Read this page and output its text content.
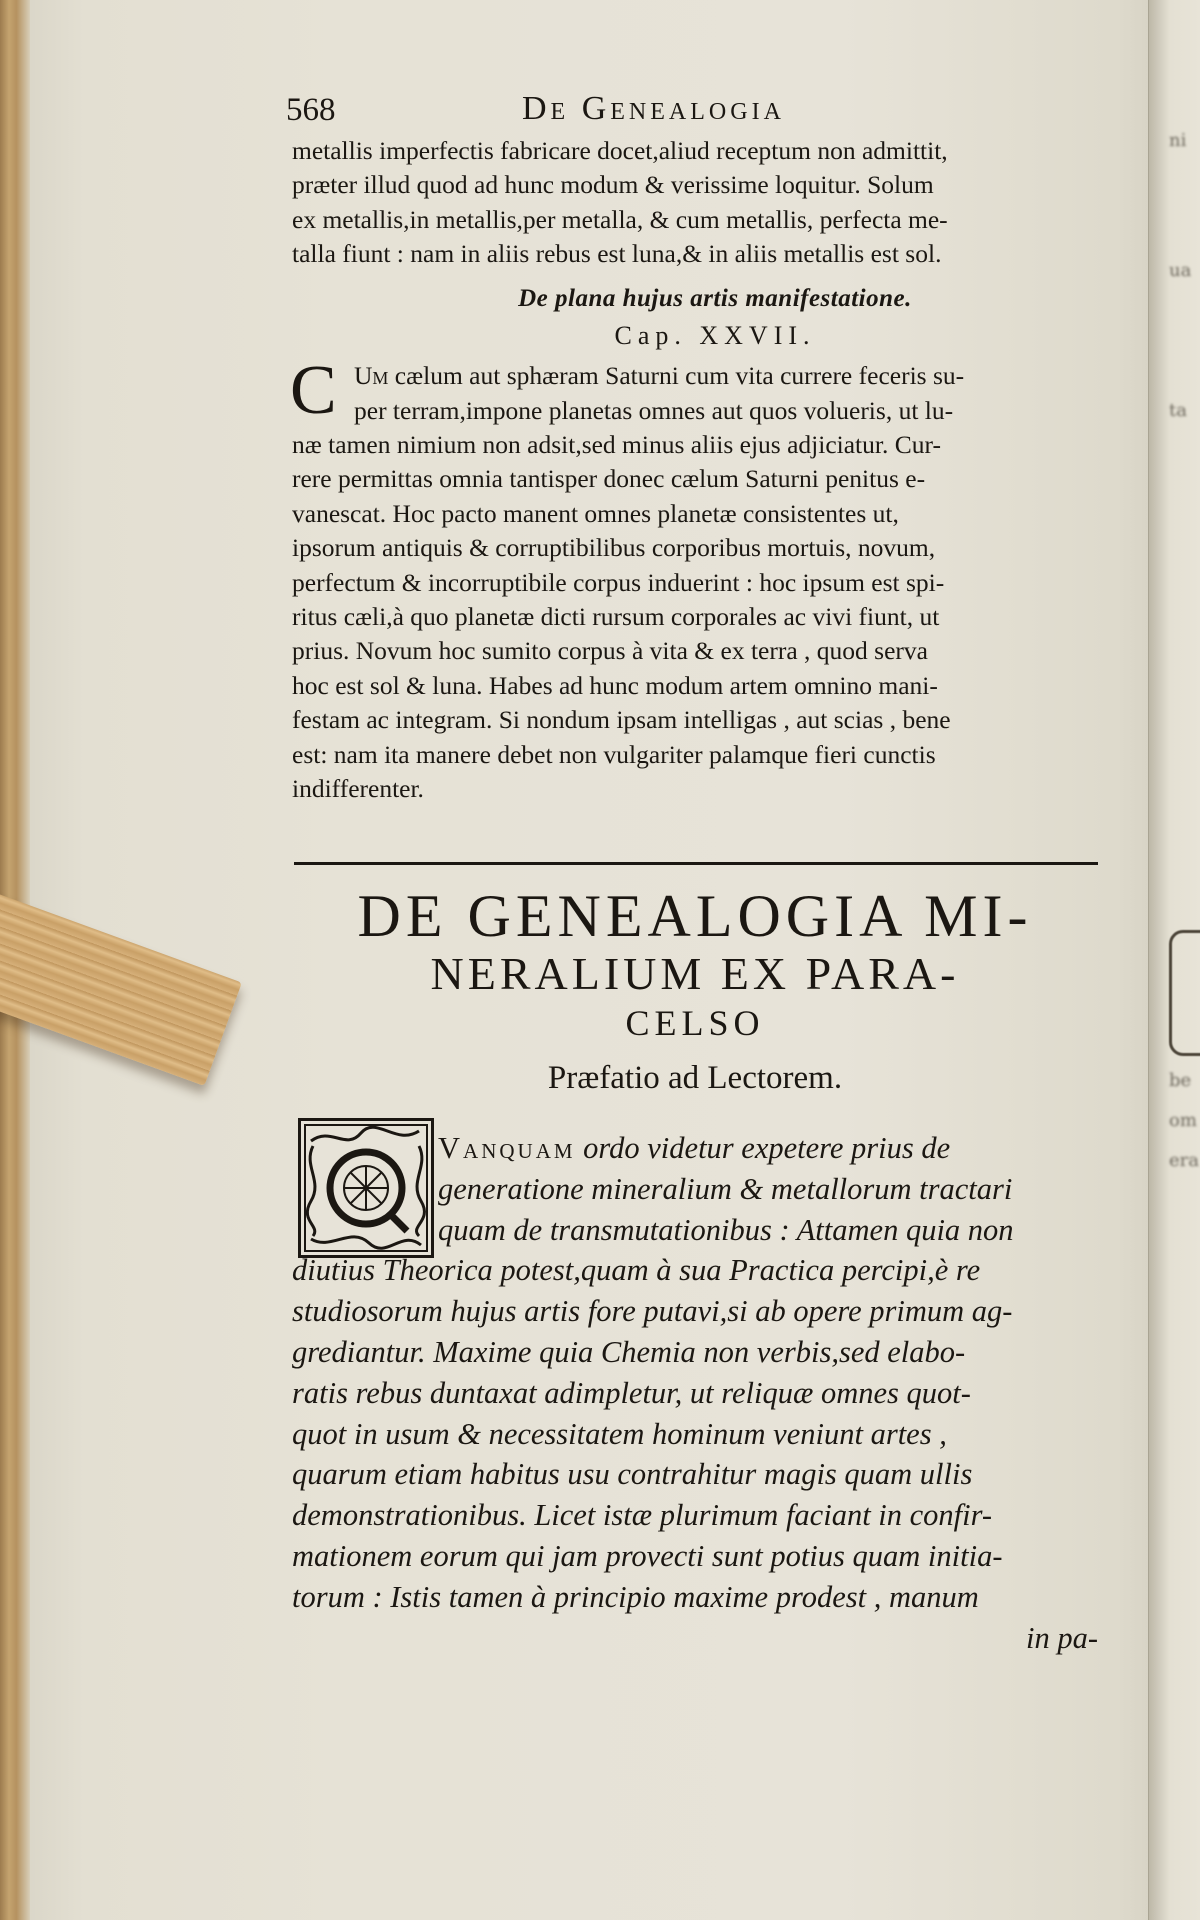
ni
ua
ta
be
om
era
568	De Genealogia

metallis imperfectis fabricare docet,aliud receptum non admittit,
præter illud quod ad hunc modum & verissime loquitur. Solum
ex metallis,in metallis,per metalla, & cum metallis, perfecta me-
talla fiunt : nam in aliis rebus est luna,& in aliis metallis est sol.

De plana hujus artis manifestatione.
Cap. XXVII.

C Um cælum aut sphæram Saturni cum vita currere feceris su-
per terram,impone planetas omnes aut quos volueris, ut lu-
næ tamen nimium non adsit,sed minus aliis ejus adjiciatur. Cur-
rere permittas omnia tantisper donec cælum Saturni penitus e-
vanescat. Hoc pacto manent omnes planetæ consistentes ut,
ipsorum antiquis & corruptibilibus corporibus mortuis, novum,
perfectum & incorruptibile corpus induerint : hoc ipsum est spi-
ritus cæli,à quo planetæ dicti rursum corporales ac vivi fiunt, ut
prius. Novum hoc sumito corpus à vita & ex terra , quod serva
hoc est sol & luna. Habes ad hunc modum artem omnino mani-
festam ac integram. Si nondum ipsam intelligas , aut scias , bene
est: nam ita manere debet non vulgariter palamque fieri cunctis
indifferenter.

DE GENEALOGIA MI-
NERALIUM EX PARA-
CELSO
Præfatio ad Lectorem.
Vanquam ordo videtur expetere prius de
generatione mineralium & metallorum tractari
quam de transmutationibus : Attamen quia non
diutius Theorica potest,quam à sua Practica percipi,è re
studiosorum hujus artis fore putavi,si ab opere primum ag-
grediantur. Maxime quia Chemia non verbis,sed elabo-
ratis rebus duntaxat adimpletur, ut reliquæ omnes quot-
quot in usum & necessitatem hominum veniunt artes ,
quarum etiam habitus usu contrahitur magis quam ullis
demonstrationibus. Licet istæ plurimum faciant in confir-
mationem eorum qui jam provecti sunt potius quam initia-
torum : Istis tamen à principio maxime prodest , manum
in pa-
